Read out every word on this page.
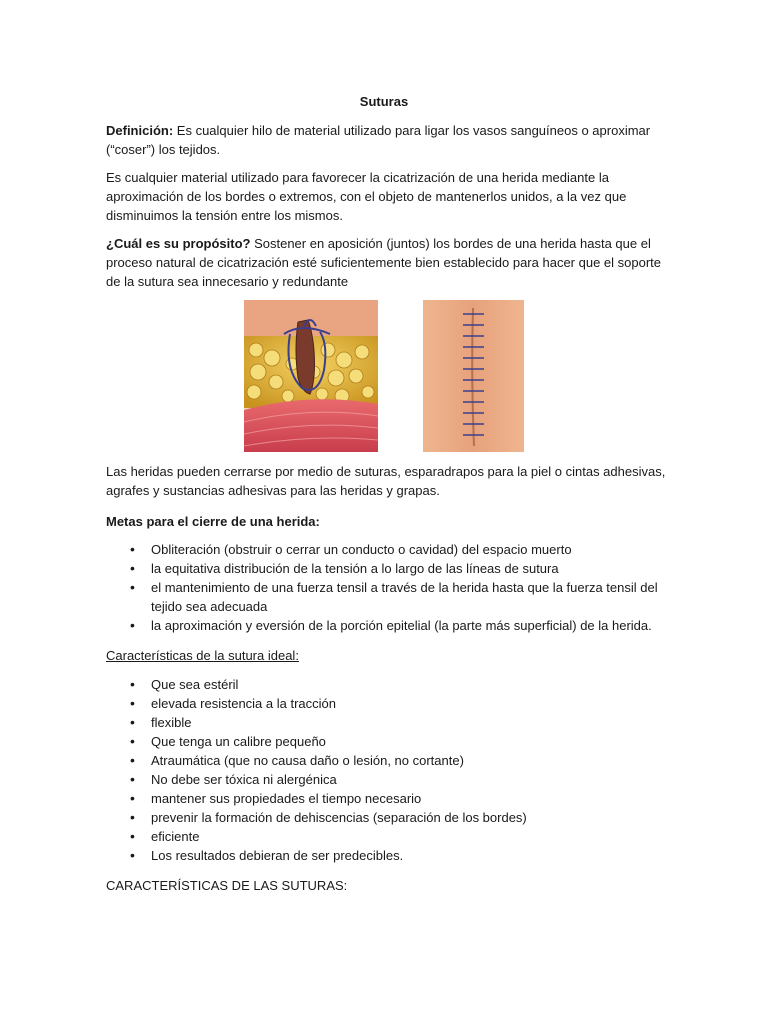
Suturas

Definición: Es cualquier hilo de material utilizado para ligar los vasos sanguíneos o aproximar (“coser”) los tejidos.

Es cualquier material utilizado para favorecer la cicatrización de una herida mediante la aproximación de los bordes o extremos, con el objeto de mantenerlos unidos, a la vez que disminuimos la tensión entre los mismos.

¿Cuál es su propósito? Sostener en aposición (juntos) los bordes de una herida hasta que el proceso natural de cicatrización esté suficientemente bien establecido para hacer que el soporte de la sutura sea innecesario y redundante

Las heridas pueden cerrarse por medio de suturas, esparadrapos para la piel o cintas adhesivas, agrafes y sustancias adhesivas para las heridas y grapas.

Metas para el cierre de una herida:

• Obliteración (obstruir o cerrar un conducto o cavidad) del espacio muerto
• la equitativa distribución de la tensión a lo largo de las líneas de sutura
• el mantenimiento de una fuerza tensil a través de la herida hasta que la fuerza tensil del tejido sea adecuada
• la aproximación y eversión de la porción epitelial (la parte más superficial) de la herida.

Características de la sutura ideal:

• Que sea estéril
• elevada resistencia a la tracción
• flexible
• Que tenga un calibre pequeño
• Atraumática (que no causa daño o lesión, no cortante)
• No debe ser tóxica ni alergénica
• mantener sus propiedades el tiempo necesario
• prevenir la formación de dehiscencias (separación de los bordes)
• eficiente
• Los resultados debieran de ser predecibles.

CARACTERÍSTICAS DE LAS SUTURAS:
